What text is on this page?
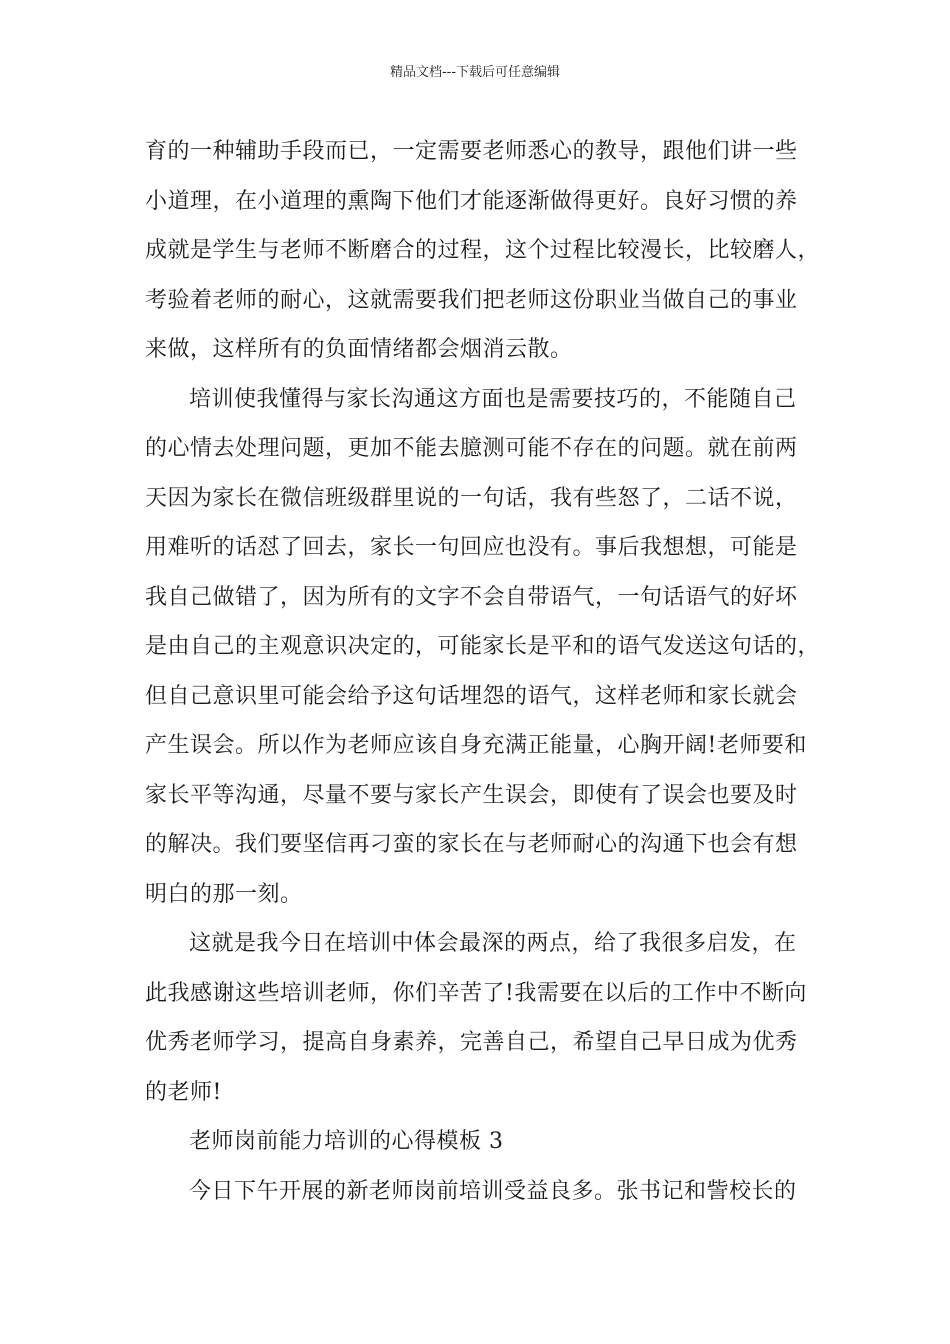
精品文档---下载后可任意编辑
育的一种辅助手段而已，一定需要老师悉心的教导，跟他们讲一些
小道理，在小道理的熏陶下他们才能逐渐做得更好。良好习惯的养
成就是学生与老师不断磨合的过程，这个过程比较漫长，比较磨人，
考验着老师的耐心，这就需要我们把老师这份职业当做自己的事业
来做，这样所有的负面情绪都会烟消云散。
培训使我懂得与家长沟通这方面也是需要技巧的，不能随自己
的心情去处理问题，更加不能去臆测可能不存在的问题。就在前两
天因为家长在微信班级群里说的一句话，我有些怒了，二话不说，
用难听的话怼了回去，家长一句回应也没有。事后我想想，可能是
我自己做错了，因为所有的文字不会自带语气，一句话语气的好坏
是由自己的主观意识决定的，可能家长是平和的语气发送这句话的，
但自己意识里可能会给予这句话埋怨的语气，这样老师和家长就会
产生误会。所以作为老师应该自身充满正能量，心胸开阔!老师要和
家长平等沟通，尽量不要与家长产生误会，即使有了误会也要及时
的解决。我们要坚信再刁蛮的家长在与老师耐心的沟通下也会有想
明白的那一刻。
这就是我今日在培训中体会最深的两点，给了我很多启发，在
此我感谢这些培训老师，你们辛苦了!我需要在以后的工作中不断向
优秀老师学习，提高自身素养，完善自己，希望自己早日成为优秀
的老师!
老师岗前能力培训的心得模板 3
今日下午开展的新老师岗前培训受益良多。张书记和訾校长的
